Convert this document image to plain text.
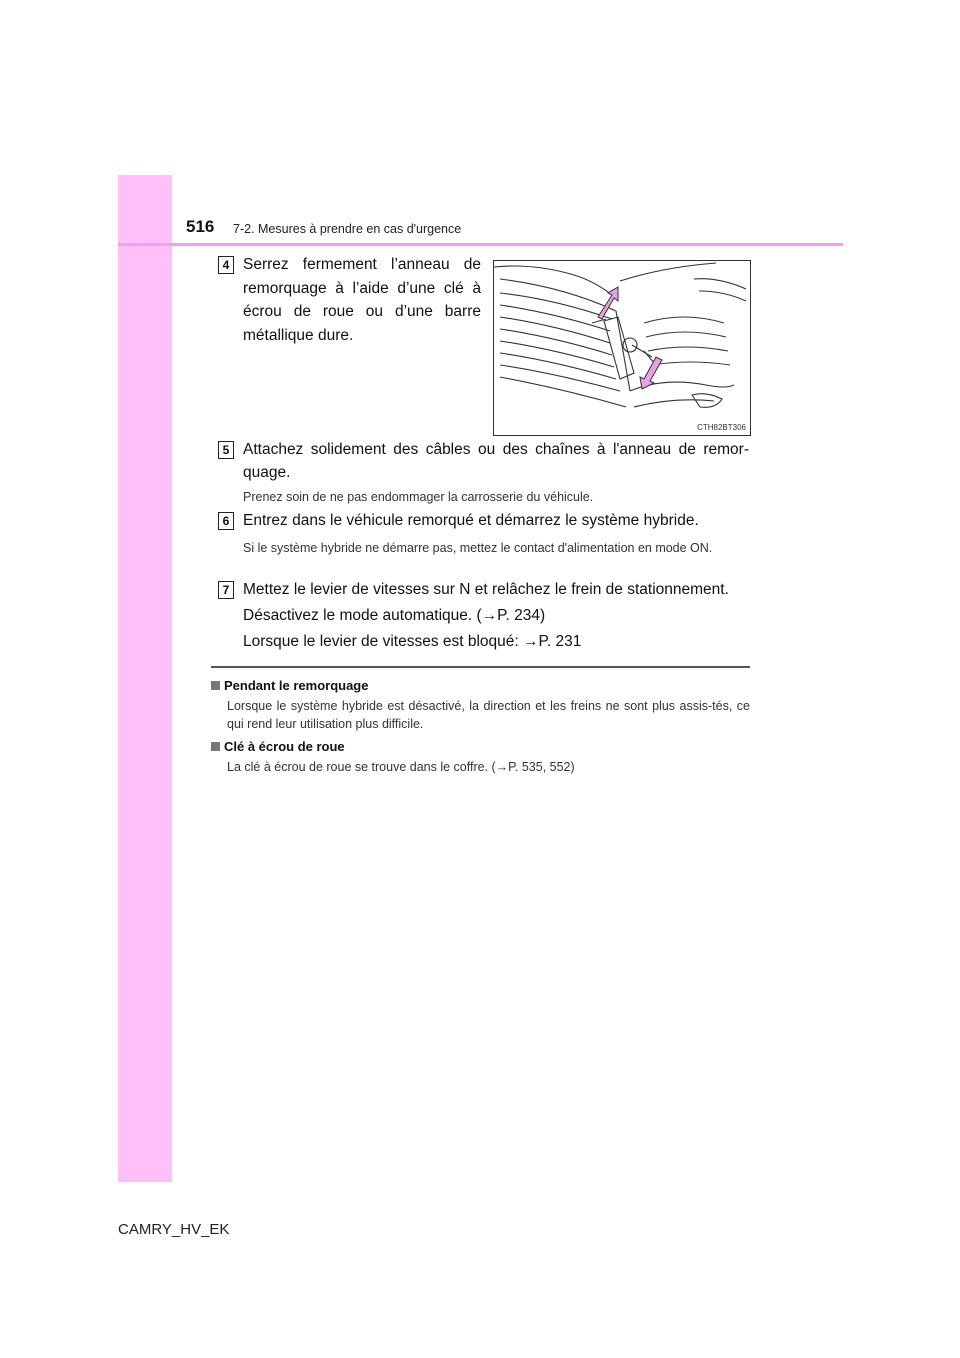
516 7-2. Mesures à prendre en cas d'urgence
4 Serrez fermement l’anneau de remorquage à l’aide d’une clé à écrou de roue ou d’une barre métallique dure.
CTH82BT306
5 Attachez solidement des câbles ou des chaînes à l'anneau de remor-quage.
Prenez soin de ne pas endommager la carrosserie du véhicule.
6 Entrez dans le véhicule remorqué et démarrez le système hybride.
Si le système hybride ne démarre pas, mettez le contact d'alimentation en mode ON.
7 Mettez le levier de vitesses sur N et relâchez le frein de stationnement.
Désactivez le mode automatique. (→P. 234)
Lorsque le levier de vitesses est bloqué: →P. 231
Pendant le remorquage
Lorsque le système hybride est désactivé, la direction et les freins ne sont plus assis-tés, ce qui rend leur utilisation plus difficile.
Clé à écrou de roue
La clé à écrou de roue se trouve dans le coffre. (→P. 535, 552)
CAMRY_HV_EK
